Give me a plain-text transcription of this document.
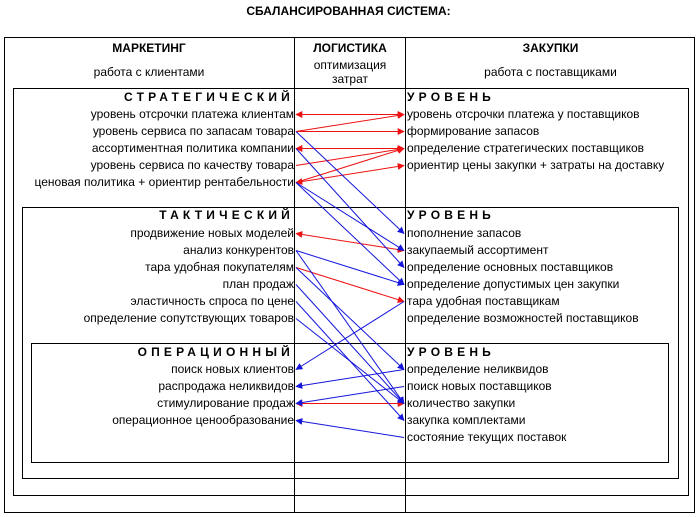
СБАЛАНСИРОВАННАЯ СИСТЕМА:
МАРКЕТИНГ
работа с клиентами
ЛОГИСТИКА
оптимизация
затрат
ЗАКУПКИ
работа с поставщиками
СТРАТЕГИЧЕСКИЙ	УРОВЕНЬ
ТАКТИЧЕСКИЙ	УРОВЕНЬ
ОПЕРАЦИОННЫЙ	УРОВЕНЬ
уровень отсрочки платежа клиентам
уровень сервиса по запасам товара
ассортиментная политика компании
уровень сервиса по качеству товара
ценовая политика + ориентир рентабельности
уровень отсрочки платежа у поставщиков
формирование запасов
определение стратегических поставщиков
ориентир цены закупки + затраты на доставку
продвижение новых моделей
анализ конкурентов
тара удобная покупателям
план продаж
эластичность спроса по цене
определение сопутствующих товаров
пополнение запасов
закупаемый ассортимент
определение основных поставщиков
определение допустимых цен закупки
тара удобная поставщикам
определение возможностей поставщиков
поиск новых клиентов
распродажа неликвидов
стимулирование продаж
операционное ценообразование
определение неликвидов
поиск новых поставщиков
количество закупки
закупка комплектами
состояние текущих поставок
